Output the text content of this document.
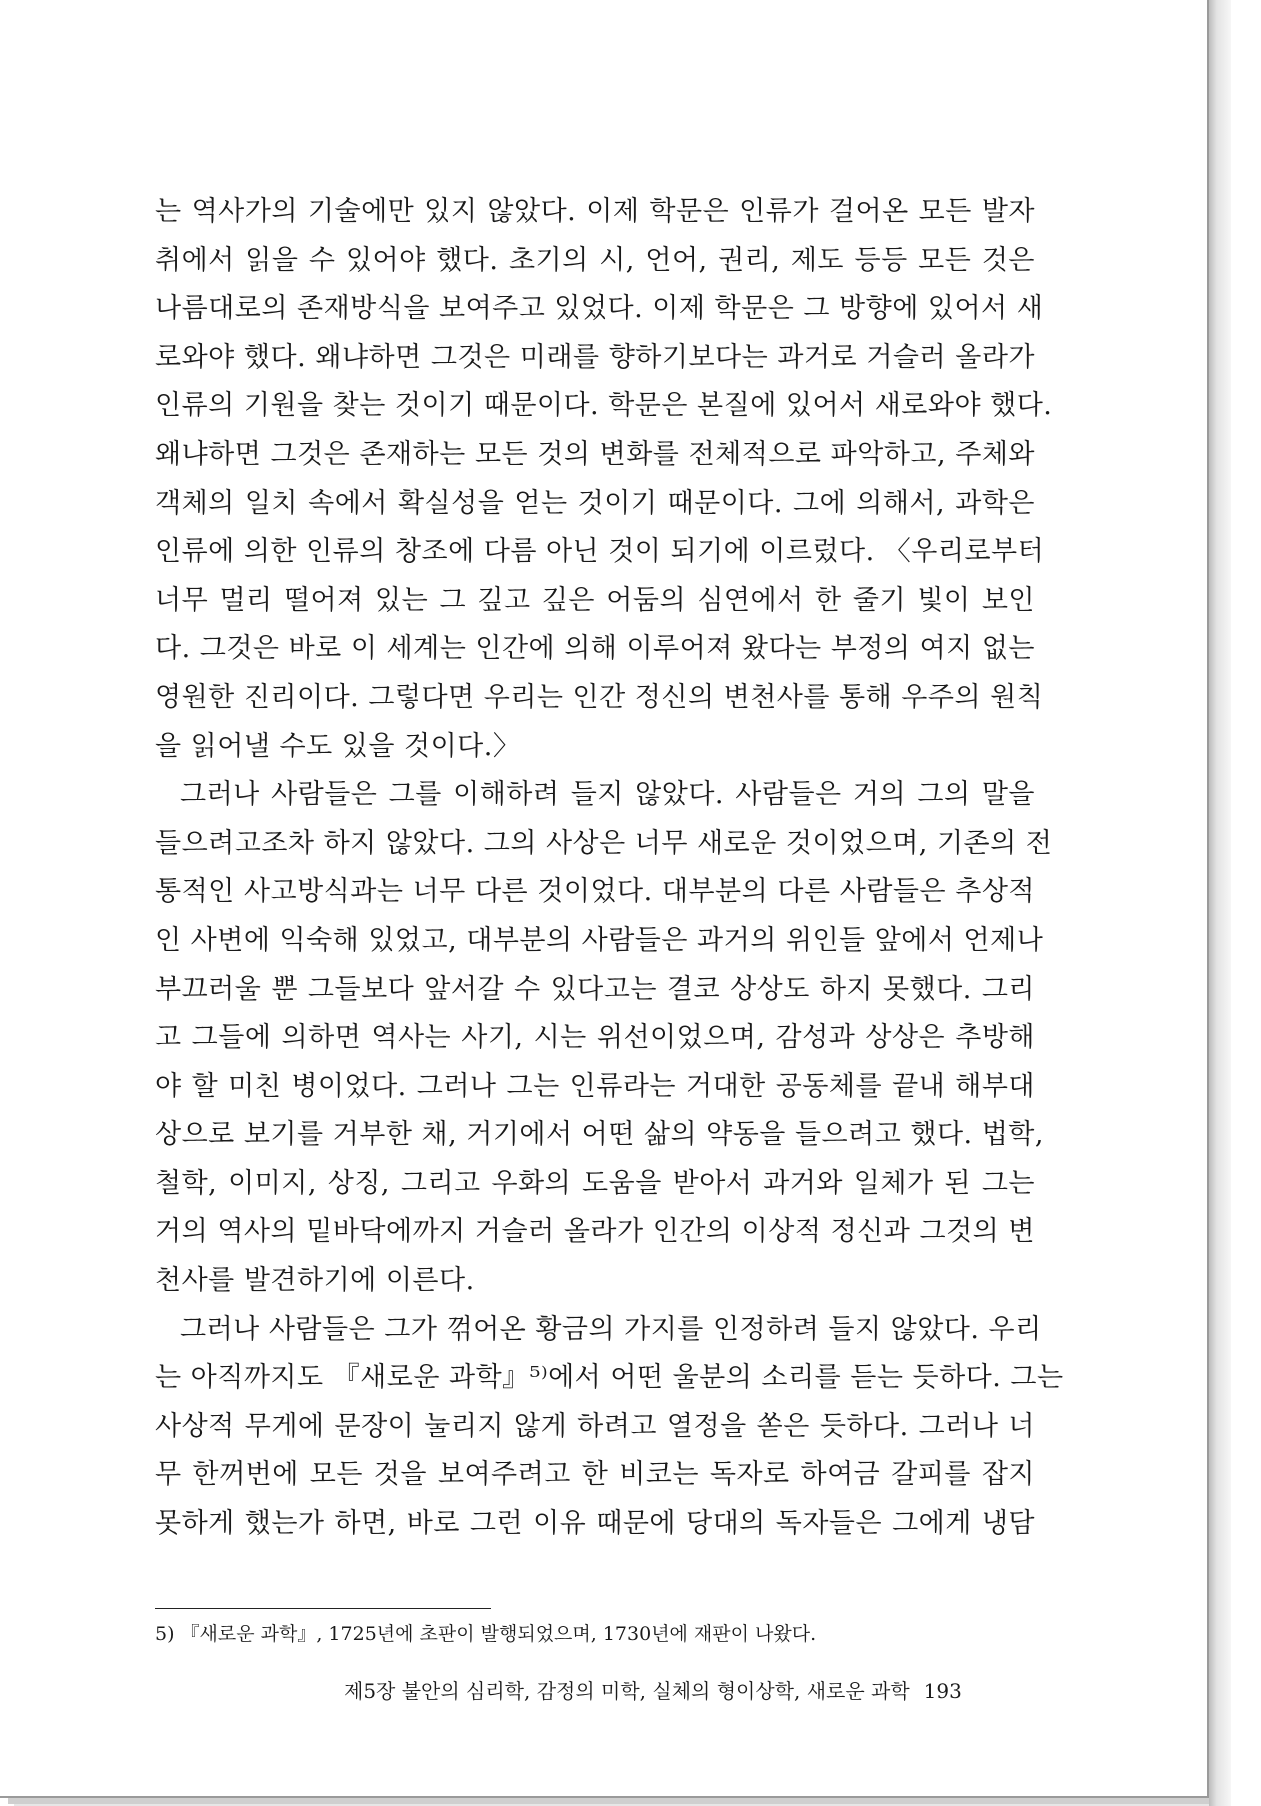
는 역사가의 기술에만 있지 않았다. 이제 학문은 인류가 걸어온 모든 발자
취에서 읽을 수 있어야 했다. 초기의 시, 언어, 권리, 제도 등등 모든 것은
나름대로의 존재방식을 보여주고 있었다. 이제 학문은 그 방향에 있어서 새
로와야 했다. 왜냐하면 그것은 미래를 향하기보다는 과거로 거슬러 올라가
인류의 기원을 찾는 것이기 때문이다. 학문은 본질에 있어서 새로와야 했다.
왜냐하면 그것은 존재하는 모든 것의 변화를 전체적으로 파악하고, 주체와
객체의 일치 속에서 확실성을 얻는 것이기 때문이다. 그에 의해서, 과학은
인류에 의한 인류의 창조에 다름 아닌 것이 되기에 이르렀다. 〈우리로부터
너무 멀리 떨어져 있는 그 깊고 깊은 어둠의 심연에서 한 줄기 빛이 보인
다. 그것은 바로 이 세계는 인간에 의해 이루어져 왔다는 부정의 여지 없는
영원한 진리이다. 그렇다면 우리는 인간 정신의 변천사를 통해 우주의 원칙
을 읽어낼 수도 있을 것이다.〉
그러나 사람들은 그를 이해하려 들지 않았다. 사람들은 거의 그의 말을
들으려고조차 하지 않았다. 그의 사상은 너무 새로운 것이었으며, 기존의 전
통적인 사고방식과는 너무 다른 것이었다. 대부분의 다른 사람들은 추상적
인 사변에 익숙해 있었고, 대부분의 사람들은 과거의 위인들 앞에서 언제나
부끄러울 뿐 그들보다 앞서갈 수 있다고는 결코 상상도 하지 못했다. 그리
고 그들에 의하면 역사는 사기, 시는 위선이었으며, 감성과 상상은 추방해
야 할 미친 병이었다. 그러나 그는 인류라는 거대한 공동체를 끝내 해부대
상으로 보기를 거부한 채, 거기에서 어떤 삶의 약동을 들으려고 했다. 법학,
철학, 이미지, 상징, 그리고 우화의 도움을 받아서 과거와 일체가 된 그는
거의 역사의 밑바닥에까지 거슬러 올라가 인간의 이상적 정신과 그것의 변
천사를 발견하기에 이른다.
그러나 사람들은 그가 꺾어온 황금의 가지를 인정하려 들지 않았다. 우리
는 아직까지도 『새로운 과학』⁵⁾에서 어떤 울분의 소리를 듣는 듯하다. 그는
사상적 무게에 문장이 눌리지 않게 하려고 열정을 쏟은 듯하다. 그러나 너
무 한꺼번에 모든 것을 보여주려고 한 비코는 독자로 하여금 갈피를 잡지
못하게 했는가 하면, 바로 그런 이유 때문에 당대의 독자들은 그에게 냉담
5) 『새로운 과학』, 1725년에 초판이 발행되었으며, 1730년에 재판이 나왔다.
제5장 불안의 심리학, 감정의 미학, 실체의 형이상학, 새로운 과학 193
